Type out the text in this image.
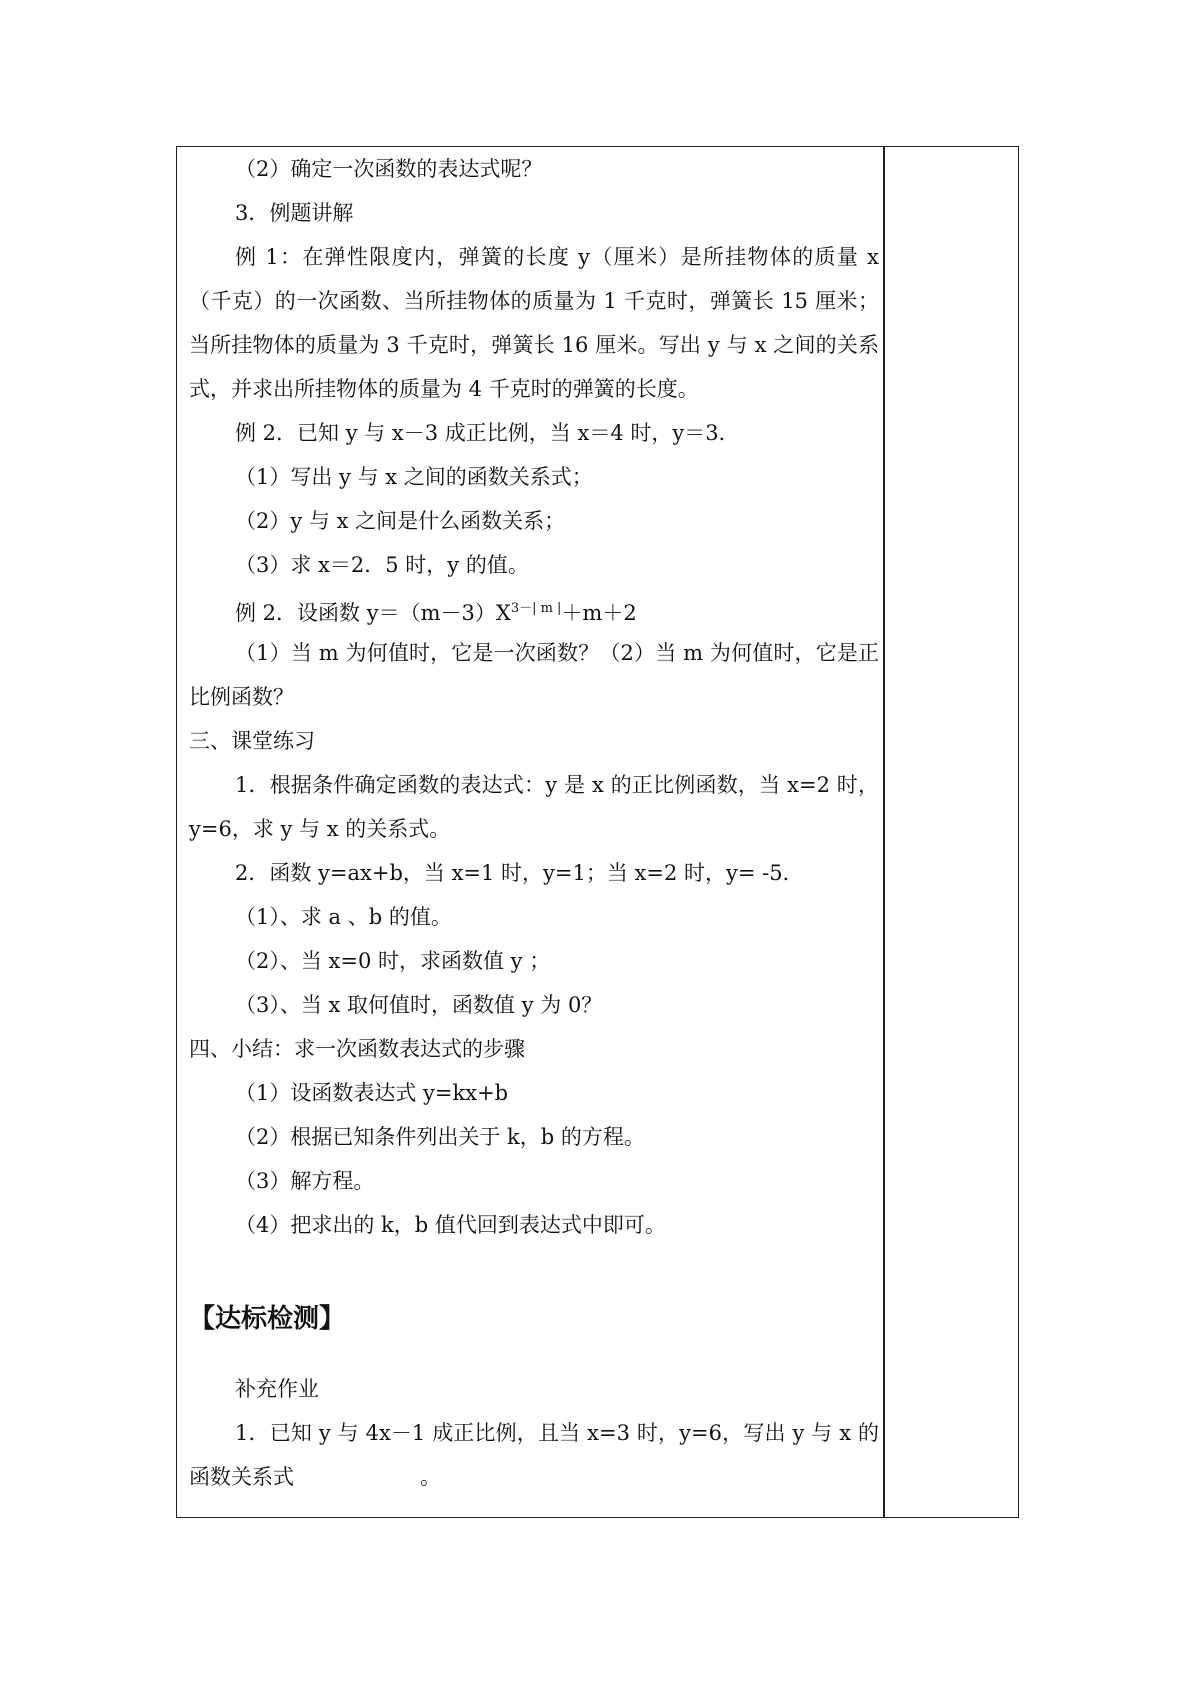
（2）确定一次函数的表达式呢？

3．例题讲解

例 1：在弹性限度内，弹簧的长度 y（厘米）是所挂物体的质量 x（千克）的一次函数、当所挂物体的质量为 1 千克时，弹簧长 15 厘米；当所挂物体的质量为 3 千克时，弹簧长 16 厘米。写出 y 与 x 之间的关系式，并求出所挂物体的质量为 4 千克时的弹簧的长度。

例 2．已知 y 与 x－3 成正比例，当 x＝4 时，y＝3．

（1）写出 y 与 x 之间的函数关系式；

（2）y 与 x 之间是什么函数关系；

（3）求 x＝2．5 时，y 的值。

例 2．设函数 $y=(m-3)X^{3-| m |}+m+2$

（1）当 m 为何值时，它是一次函数？（2）当 m 为何值时，它是正比例函数？

三、课堂练习

1．根据条件确定函数的表达式：y 是 x 的正比例函数，当 x=2 时，y=6，求 y 与 x 的关系式。

2．函数 y=ax+b，当 x=1 时，y=1；当 x=2 时，y= -5．

（1）、求 a 、b 的值。

（2）、当 x=0 时，求函数值 y ；

（3）、当 x 取何值时，函数值 y 为 0？

四、小结：求一次函数表达式的步骤

（1）设函数表达式 y=kx+b

（2）根据已知条件列出关于 k，b 的方程。

（3）解方程。

（4）把求出的 k，b 值代回到表达式中即可。

【达标检测】

补充作业

1．已知 y 与 4x－1 成正比例，且当 x=3 时，y=6，写出 y 与 x 的函数关系式　　　　　　。
